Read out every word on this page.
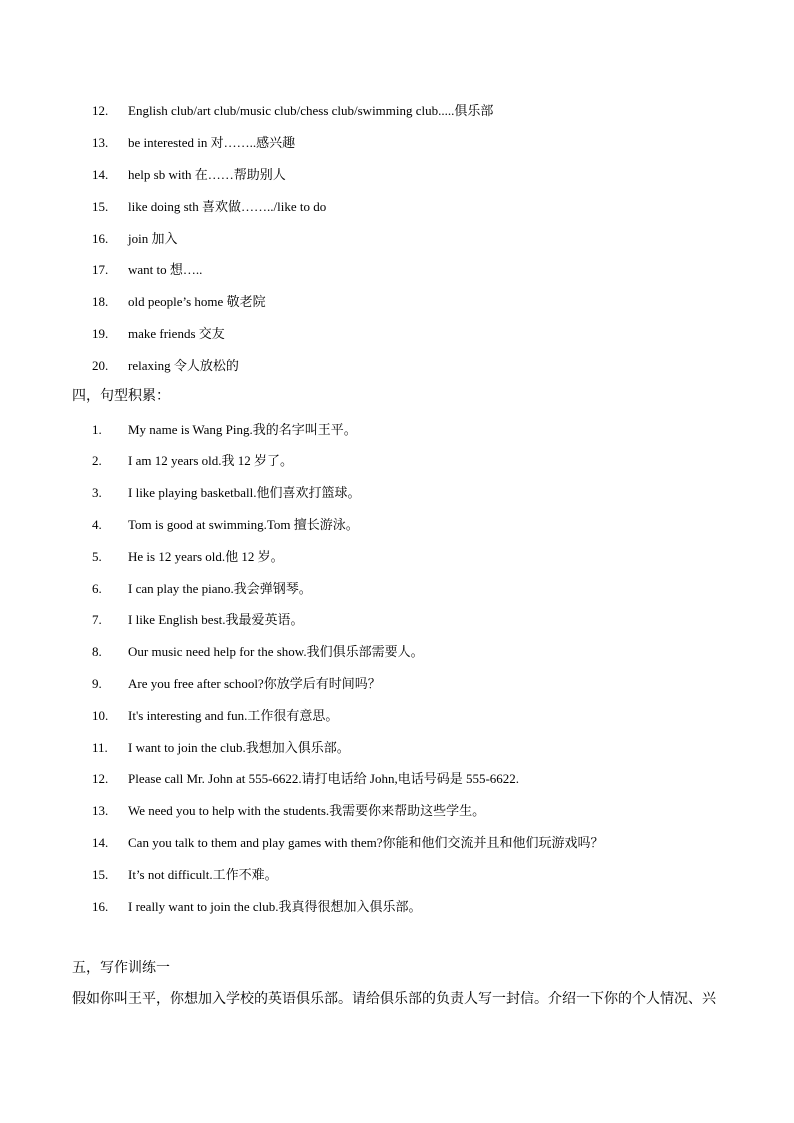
12.	English club/art club/music club/chess club/swimming club.....俱乐部
13.	be interested in 对……..感兴趣
14.	help sb with 在……帮助别人
15.	like doing sth 喜欢做……../like to do
16.	join 加入
17.	want to 想…..
18.	old people’s home 敬老院
19.	make friends 交友
20.	relaxing 令人放松的
四，句型积累：
1.	My name is Wang Ping.我的名字叫王平。
2.	I am 12 years old.我 12 岁了。
3.	I like playing basketball.他们喜欢打篮球。
4.	Tom is good at swimming.Tom 擅长游泳。
5.	He is 12 years old.他 12 岁。
6.	I can play the piano.我会弹钢琴。
7.	I like English best.我最爱英语。
8.	Our music need help for the show.我们俱乐部需要人。
9.	Are you free after school?你放学后有时间吗？
10.	It's interesting and fun.工作很有意思。
11.	I want to join the club.我想加入俱乐部。
12.	Please call Mr. John at 555-6622.请打电话给 John,电话号码是 555-6622.
13.	We need you to help with the students.我需要你来帮助这些学生。
14.	Can you talk to them and play games with them?你能和他们交流并且和他们玩游戏吗？
15.	It’s not difficult.工作不难。
16.	I really want to join the club.我真得很想加入俱乐部。
五，写作训练一
假如你叫王平，你想加入学校的英语俱乐部。请给俱乐部的负责人写一封信。介绍一下你的个人情况、兴
